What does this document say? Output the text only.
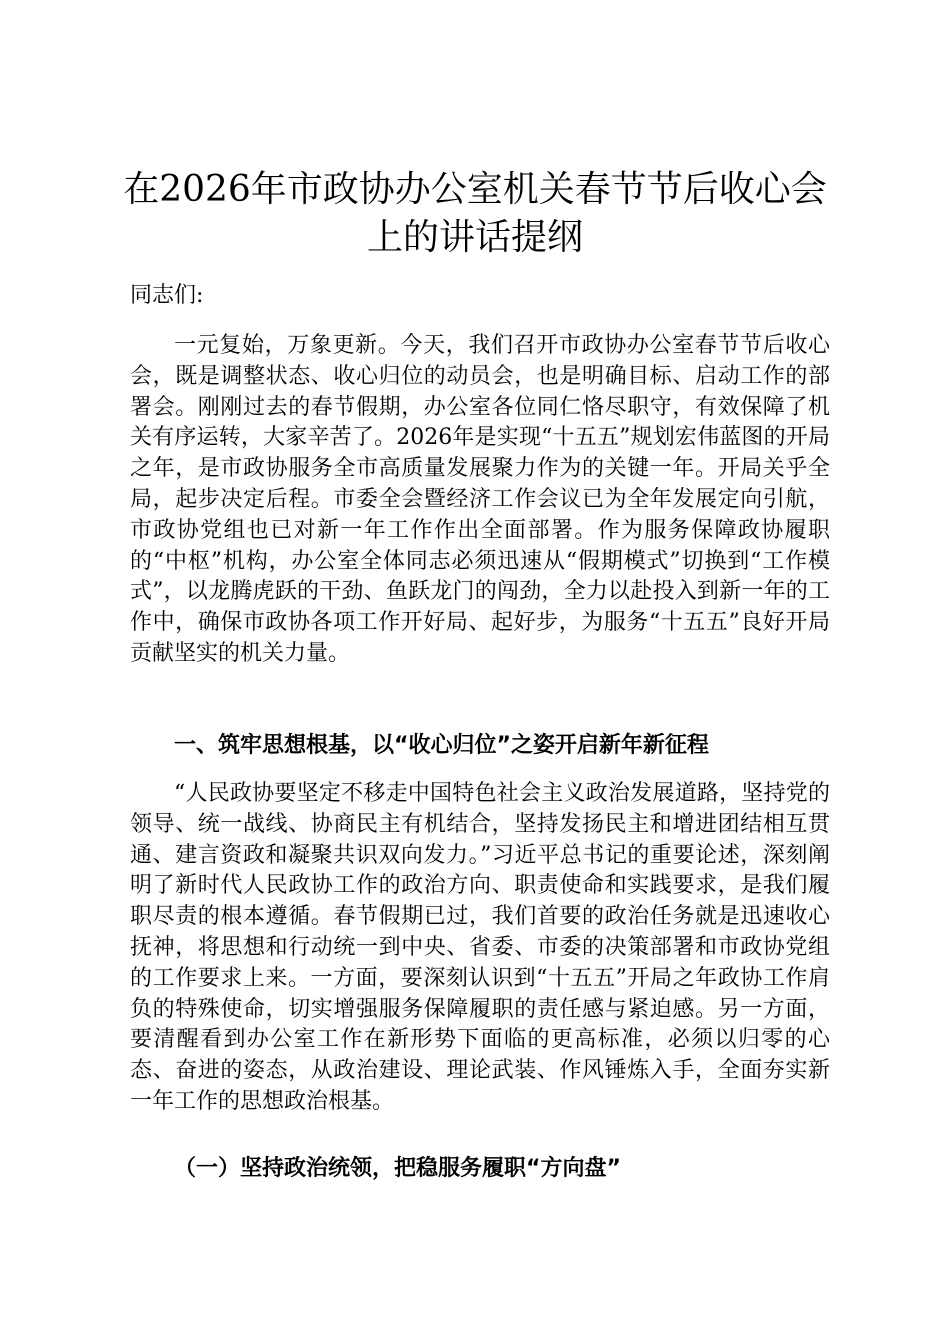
在2026年市政协办公室机关春节节后收心会
上的讲话提纲

同志们:

一元复始，万象更新。今天，我们召开市政协办公室春节节后收心会，既是调整状态、收心归位的动员会，也是明确目标、启动工作的部署会。刚刚过去的春节假期，办公室各位同仁恪尽职守，有效保障了机关有序运转，大家辛苦了。2026年是实现“十五五”规划宏伟蓝图的开局之年，是市政协服务全市高质量发展聚力作为的关键一年。开局关乎全局，起步决定后程。市委全会暨经济工作会议已为全年发展定向引航，市政协党组也已对新一年工作作出全面部署。作为服务保障政协履职的“中枢”机构，办公室全体同志必须迅速从“假期模式”切换到“工作模式”，以龙腾虎跃的干劲、鱼跃龙门的闯劲，全力以赴投入到新一年的工作中，确保市政协各项工作开好局、起好步，为服务“十五五”良好开局贡献坚实的机关力量。

一、筑牢思想根基，以“收心归位”之姿开启新年新征程

“人民政协要坚定不移走中国特色社会主义政治发展道路，坚持党的领导、统一战线、协商民主有机结合，坚持发扬民主和增进团结相互贯通、建言资政和凝聚共识双向发力。”习近平总书记的重要论述，深刻阐明了新时代人民政协工作的政治方向、职责使命和实践要求，是我们履职尽责的根本遵循。春节假期已过，我们首要的政治任务就是迅速收心抚神，将思想和行动统一到中央、省委、市委的决策部署和市政协党组的工作要求上来。一方面，要深刻认识到“十五五”开局之年政协工作肩负的特殊使命，切实增强服务保障履职的责任感与紧迫感。另一方面，要清醒看到办公室工作在新形势下面临的更高标准，必须以归零的心态、奋进的姿态，从政治建设、理论武装、作风锤炼入手，全面夯实新一年工作的思想政治根基。

（一）坚持政治统领，把稳服务履职“方向盘”
